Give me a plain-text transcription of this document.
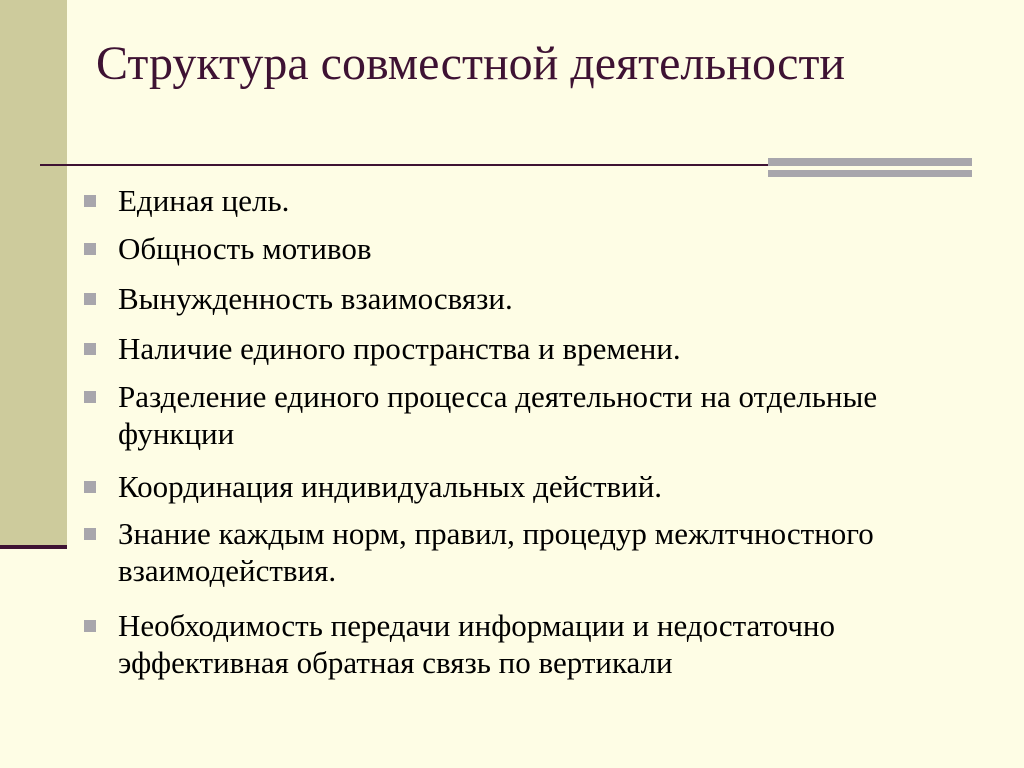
Структура совместной деятельности
Единая цель.
Общность мотивов
Вынужденность взаимосвязи.
Наличие единого пространства и времени.
Разделение единого процесса деятельности на отдельные функции
Координация индивидуальных действий.
Знание каждым норм, правил, процедур межлтчностного взаимодействия.
Необходимость передачи информации и недостаточно эффективная обратная связь по вертикали
